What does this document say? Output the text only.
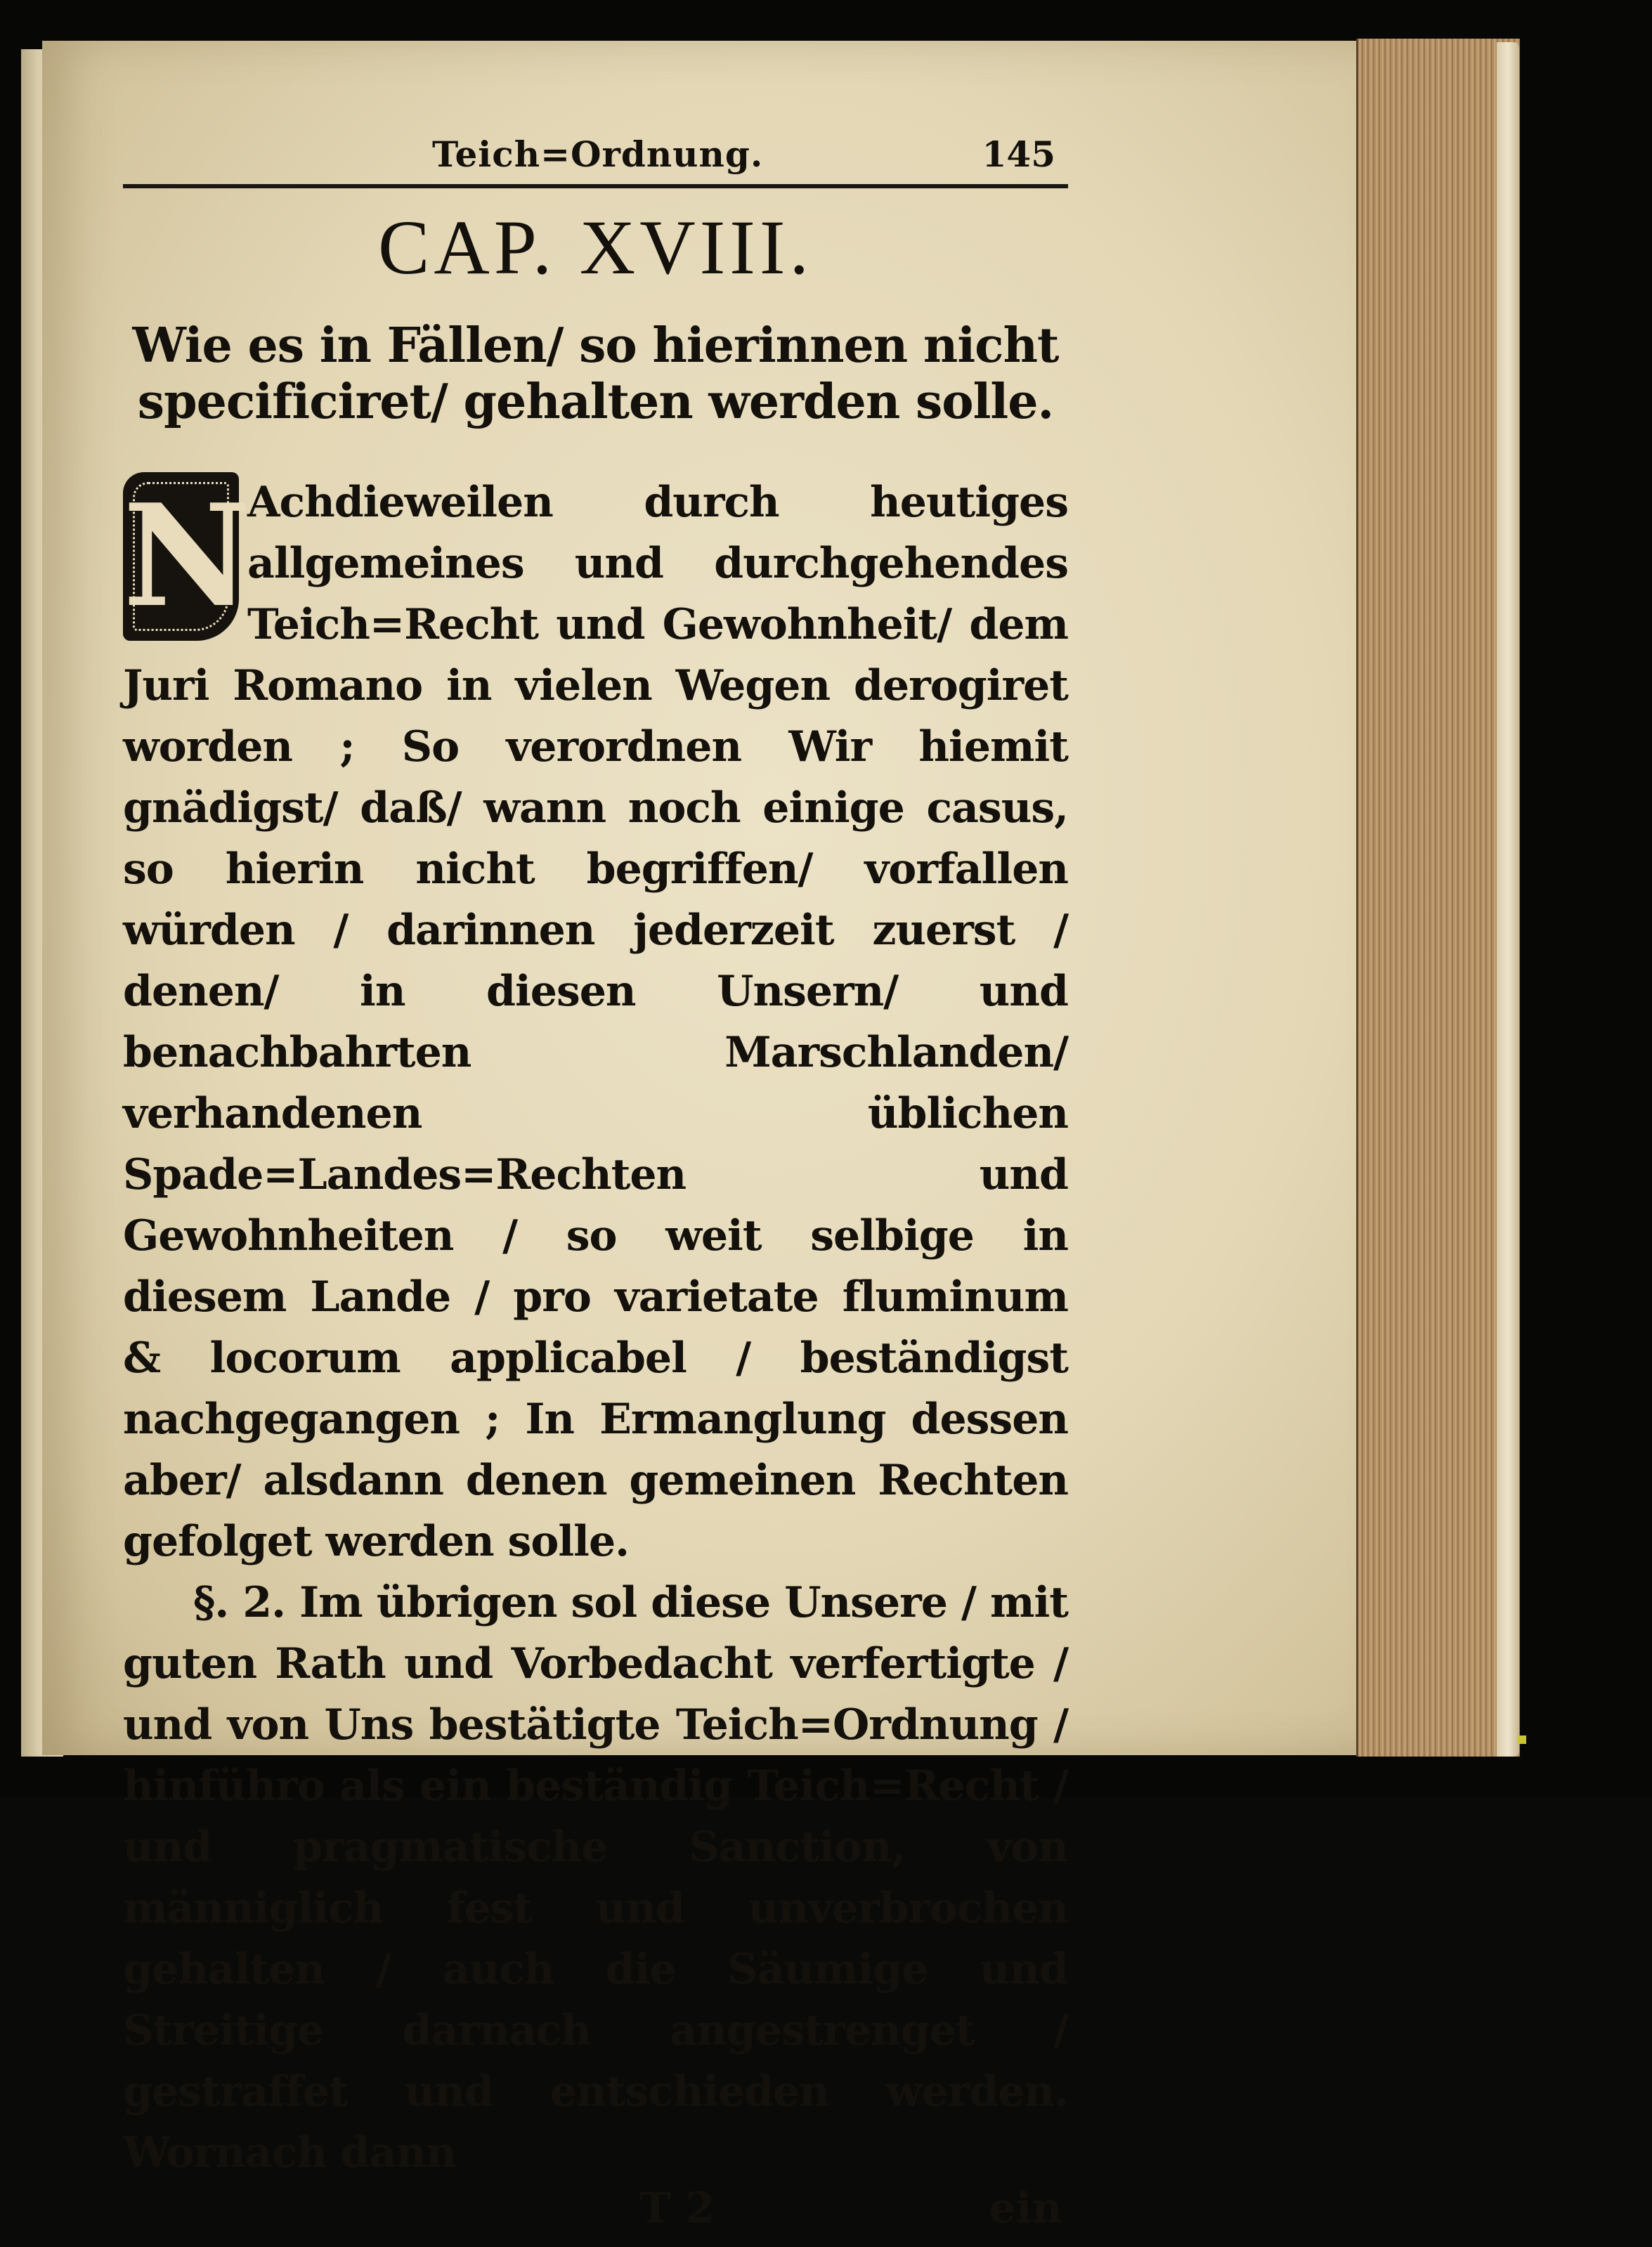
Teich=Ordnung.	145
CAP. XVIII.
Wie es in Fällen/ so hierinnen nicht specificiret/ gehalten werden solle.
N
Achdieweilen durch heutiges allgemeines und durchgehendes Teich=Recht und Gewohnheit/ dem Juri Romano in vielen Wegen derogiret worden ; So verordnen Wir hiemit gnädigst/ daß/ wann noch einige casus, so hierin nicht begriffen/ vorfallen würden / darinnen jederzeit zuerst / denen/ in diesen Unsern/ und benachbahrten Marschlanden/ verhandenen üblichen Spade=Landes=Rechten und Gewohnheiten / so weit selbige in diesem Lande / pro varietate fluminum & locorum applicabel / beständigst nachgegangen ; In Ermanglung dessen aber/ alsdann denen gemeinen Rechten gefolget werden solle.
§. 2. Im übrigen sol diese Unsere / mit guten Rath und Vorbedacht verfertigte / und von Uns bestätigte Teich=Ordnung / hinführo als ein beständig Teich=Recht / und pragmatische Sanction, von männiglich fest und unverbrochen gehalten / auch die Säumige und Streitige darnach angestrenget / gestraffet und entschieden werden. Wornach dann
T 2	ein
